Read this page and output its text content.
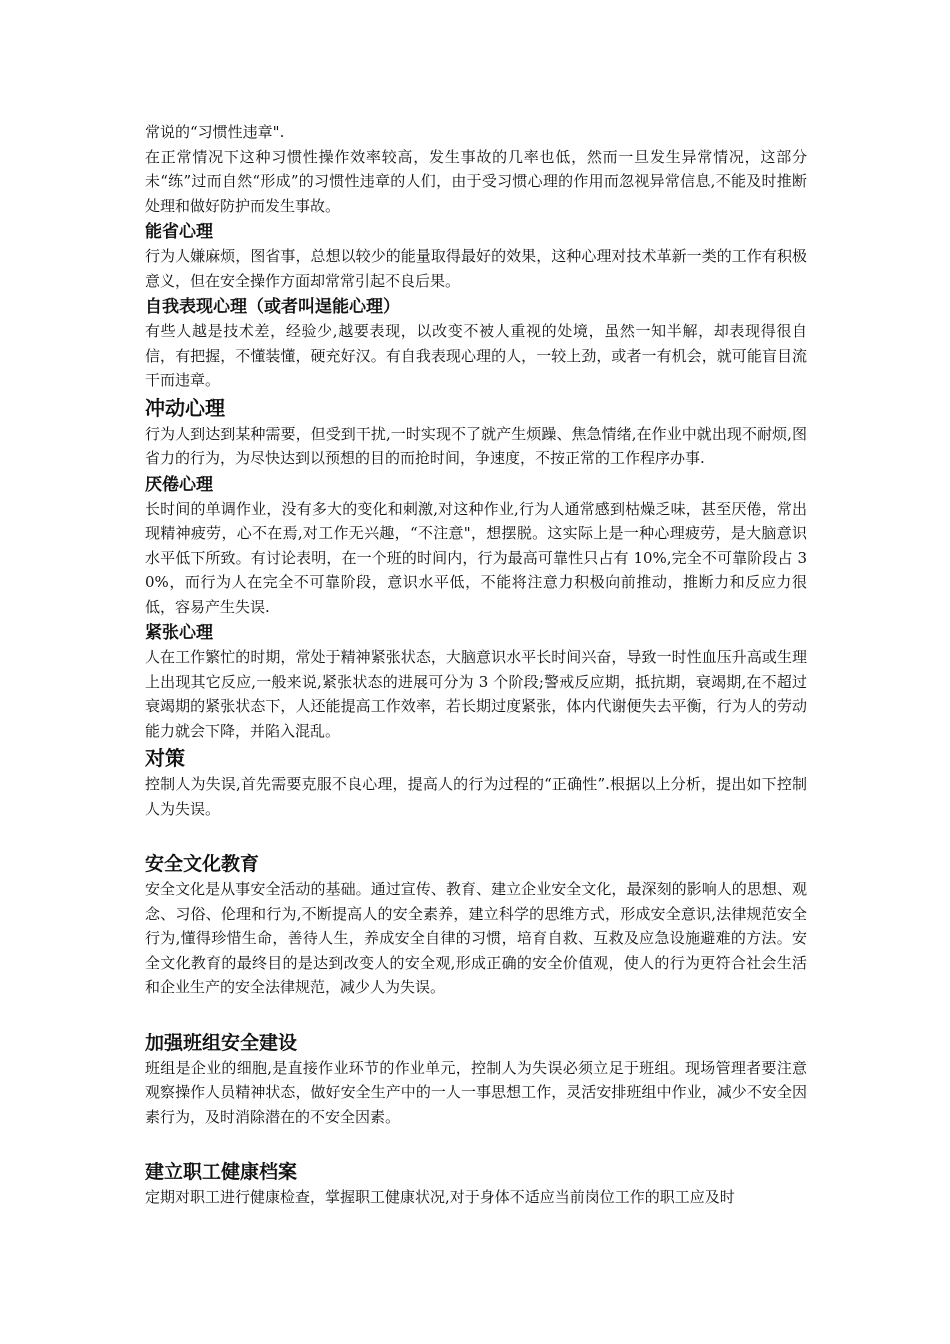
常说的“习惯性违章".

在正常情况下这种习惯性操作效率较高，发生事故的几率也低，然而一旦发生异常情况，这部分未“练”过而自然“形成”的习惯性违章的人们，由于受习惯心理的作用而忽视异常信息,不能及时推断处理和做好防护而发生事故。

能省心理

行为人嫌麻烦，图省事，总想以较少的能量取得最好的效果，这种心理对技术革新一类的工作有积极意义，但在安全操作方面却常常引起不良后果。

自我表现心理（或者叫逞能心理）

有些人越是技术差，经验少,越要表现，以改变不被人重视的处境，虽然一知半解，却表现得很自信，有把握，不懂装懂，硬充好汉。有自我表现心理的人，一较上劲，或者一有机会，就可能盲目流干而违章。

冲动心理

行为人到达到某种需要，但受到干扰,一时实现不了就产生烦躁、焦急情绪,在作业中就出现不耐烦,图省力的行为，为尽快达到以预想的目的而抢时间，争速度，不按正常的工作程序办事.

厌倦心理

长时间的单调作业，没有多大的变化和刺激,对这种作业,行为人通常感到枯燥乏味，甚至厌倦，常出现精神疲劳，心不在焉,对工作无兴趣，“不注意"，想摆脱。这实际上是一种心理疲劳，是大脑意识水平低下所致。有讨论表明，在一个班的时间内，行为最高可靠性只占有 10%,完全不可靠阶段占 30%，而行为人在完全不可靠阶段，意识水平低，不能将注意力积极向前推动，推断力和反应力很低，容易产生失误.

紧张心理

人在工作繁忙的时期，常处于精神紧张状态，大脑意识水平长时间兴奋，导致一时性血压升高或生理上出现其它反应,一般来说,紧张状态的进展可分为 3 个阶段;警戒反应期，抵抗期，衰竭期,在不超过衰竭期的紧张状态下，人还能提高工作效率，若长期过度紧张，体内代谢便失去平衡，行为人的劳动能力就会下降，并陷入混乱。

对策

控制人为失误,首先需要克服不良心理，提高人的行为过程的“正确性”.根据以上分析，提出如下控制人为失误。

安全文化教育

安全文化是从事安全活动的基础。通过宣传、教育、建立企业安全文化，最深刻的影响人的思想、观念、习俗、伦理和行为,不断提高人的安全素养，建立科学的思维方式，形成安全意识,法律规范安全行为,懂得珍惜生命，善待人生，养成安全自律的习惯，培育自救、互救及应急设施避难的方法。安全文化教育的最终目的是达到改变人的安全观,形成正确的安全价值观，使人的行为更符合社会生活和企业生产的安全法律规范，减少人为失误。

加强班组安全建设

班组是企业的细胞,是直接作业环节的作业单元，控制人为失误必须立足于班组。现场管理者要注意观察操作人员精神状态，做好安全生产中的一人一事思想工作，灵活安排班组中作业，减少不安全因素行为，及时消除潜在的不安全因素。

建立职工健康档案

定期对职工进行健康检查，掌握职工健康状况,对于身体不适应当前岗位工作的职工应及时
